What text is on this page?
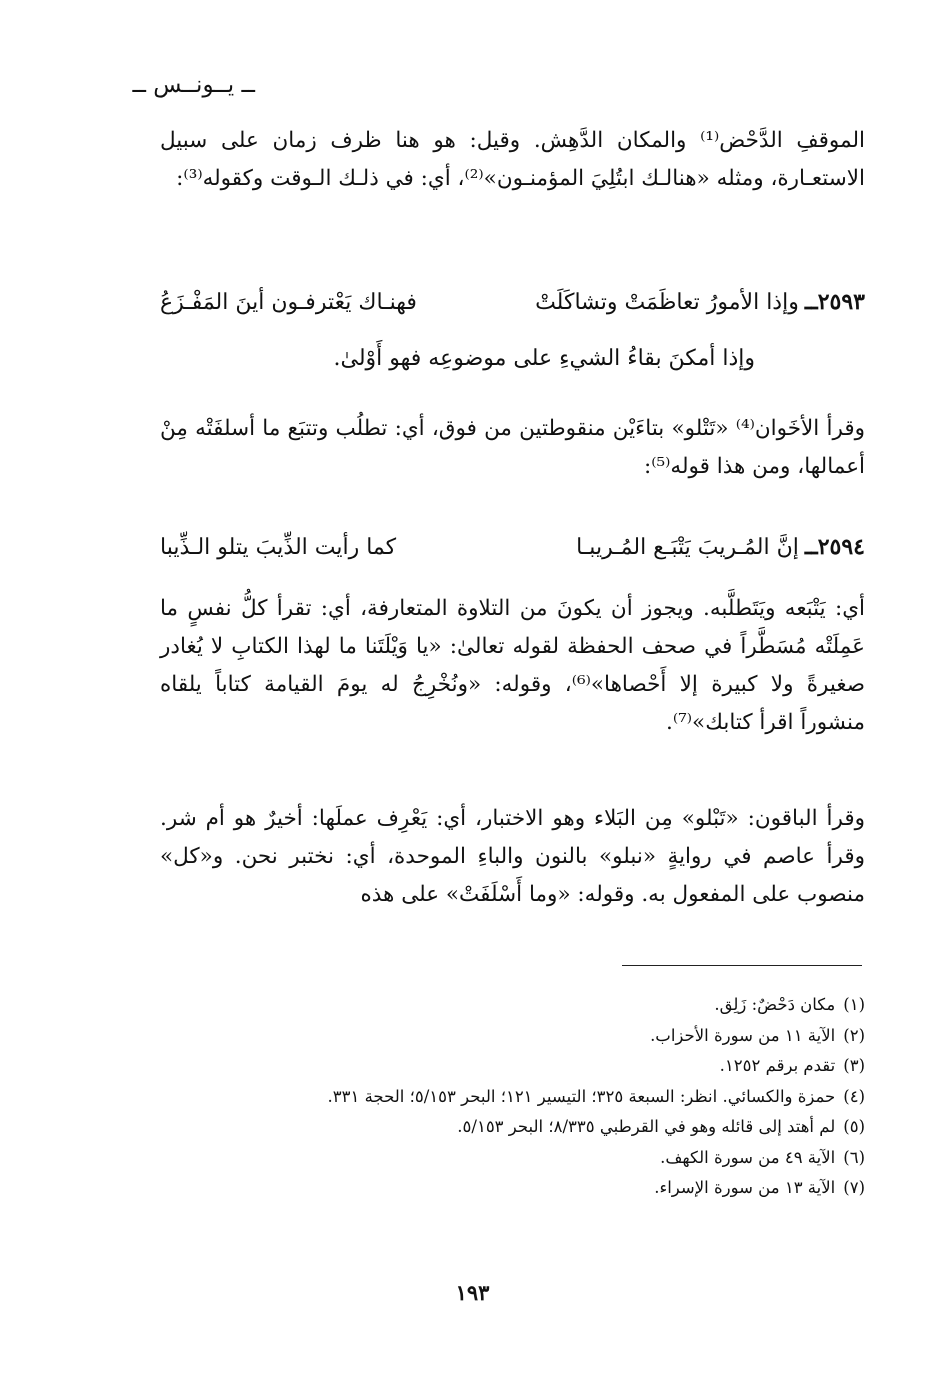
ــ يــونــس ــ
الموقفِ الدَّحْض⁽¹⁾ والمكان الدَّهِش. وقيل: هو هنا ظرف زمان على سبيل الاستعـارة، ومثله «هنالـك ابتُلِيَ المؤمنـون»⁽²⁾، أي: في ذلـك الـوقت وكقوله⁽³⁾:
٢٥٩٣ــ
وإذا الأمورُ تعاظَمَتْ وتشاكَلَتْ
فهنـاك يَعْترفـون أينَ المَفْـزَعُ
وإذا أمكنَ بقاءُ الشيءِ على موضوعِه فهو أَوْلىٰ.
وقرأ الأخَوان⁽⁴⁾ «تَتْلو» بتاءَيْن منقوطتين من فوق، أي: تطلُب وتتبَع ما أسلفَتْه مِنْ أعمالها، ومن هذا قوله⁽⁵⁾:
٢٥٩٤ــ
إنَّ المُـريبَ يَتْبَـع المُـريبـا
كما رأيت الذِّيبَ يتلو الـذِّيبا
أي: يَتْبَعه ويَتَطلَّبه. ويجوز أن يكونَ من التلاوة المتعارفة، أي: تقرأ كلُّ نفسٍ ما عَمِلَتْه مُسَطَّراً في صحف الحفظة لقوله تعالىٰ: «يا وَيْلَتَنا ما لهذا الكتابِ لا يُغادر صغيرةً ولا كبيرة إلا أَحْصاها»⁽⁶⁾، وقوله: «ونُخْرِجُ له يومَ القيامة كتاباً يلقاه منشوراً اقرأ كتابك»⁽⁷⁾.
وقرأ الباقون: «تَبْلو» مِن البَلاء وهو الاختبار، أي: يَعْرِف عملَها: أخيرٌ هو أم شر. وقرأ عاصم في روايةٍ «نبلو» بالنون والباءِ الموحدة، أي: نختبر نحن. و«كل» منصوب على المفعول به. وقوله: «وما أَسْلَفَتْ» على هذه
(١)مكان دَحْضٌ: زَلِق.
(٢)الآية ١١ من سورة الأحزاب.
(٣)تقدم برقم ١٢٥٢.
(٤)حمزة والكسائي. انظر: السبعة ٣٢٥؛ التيسير ١٢١؛ البحر ٥/١٥٣؛ الحجة ٣٣١.
(٥)لم أهتد إلى قائله وهو في القرطبي ٨/٣٣٥؛ البحر ٥/١٥٣.
(٦)الآية ٤٩ من سورة الكهف.
(٧)الآية ١٣ من سورة الإسراء.
١٩٣
